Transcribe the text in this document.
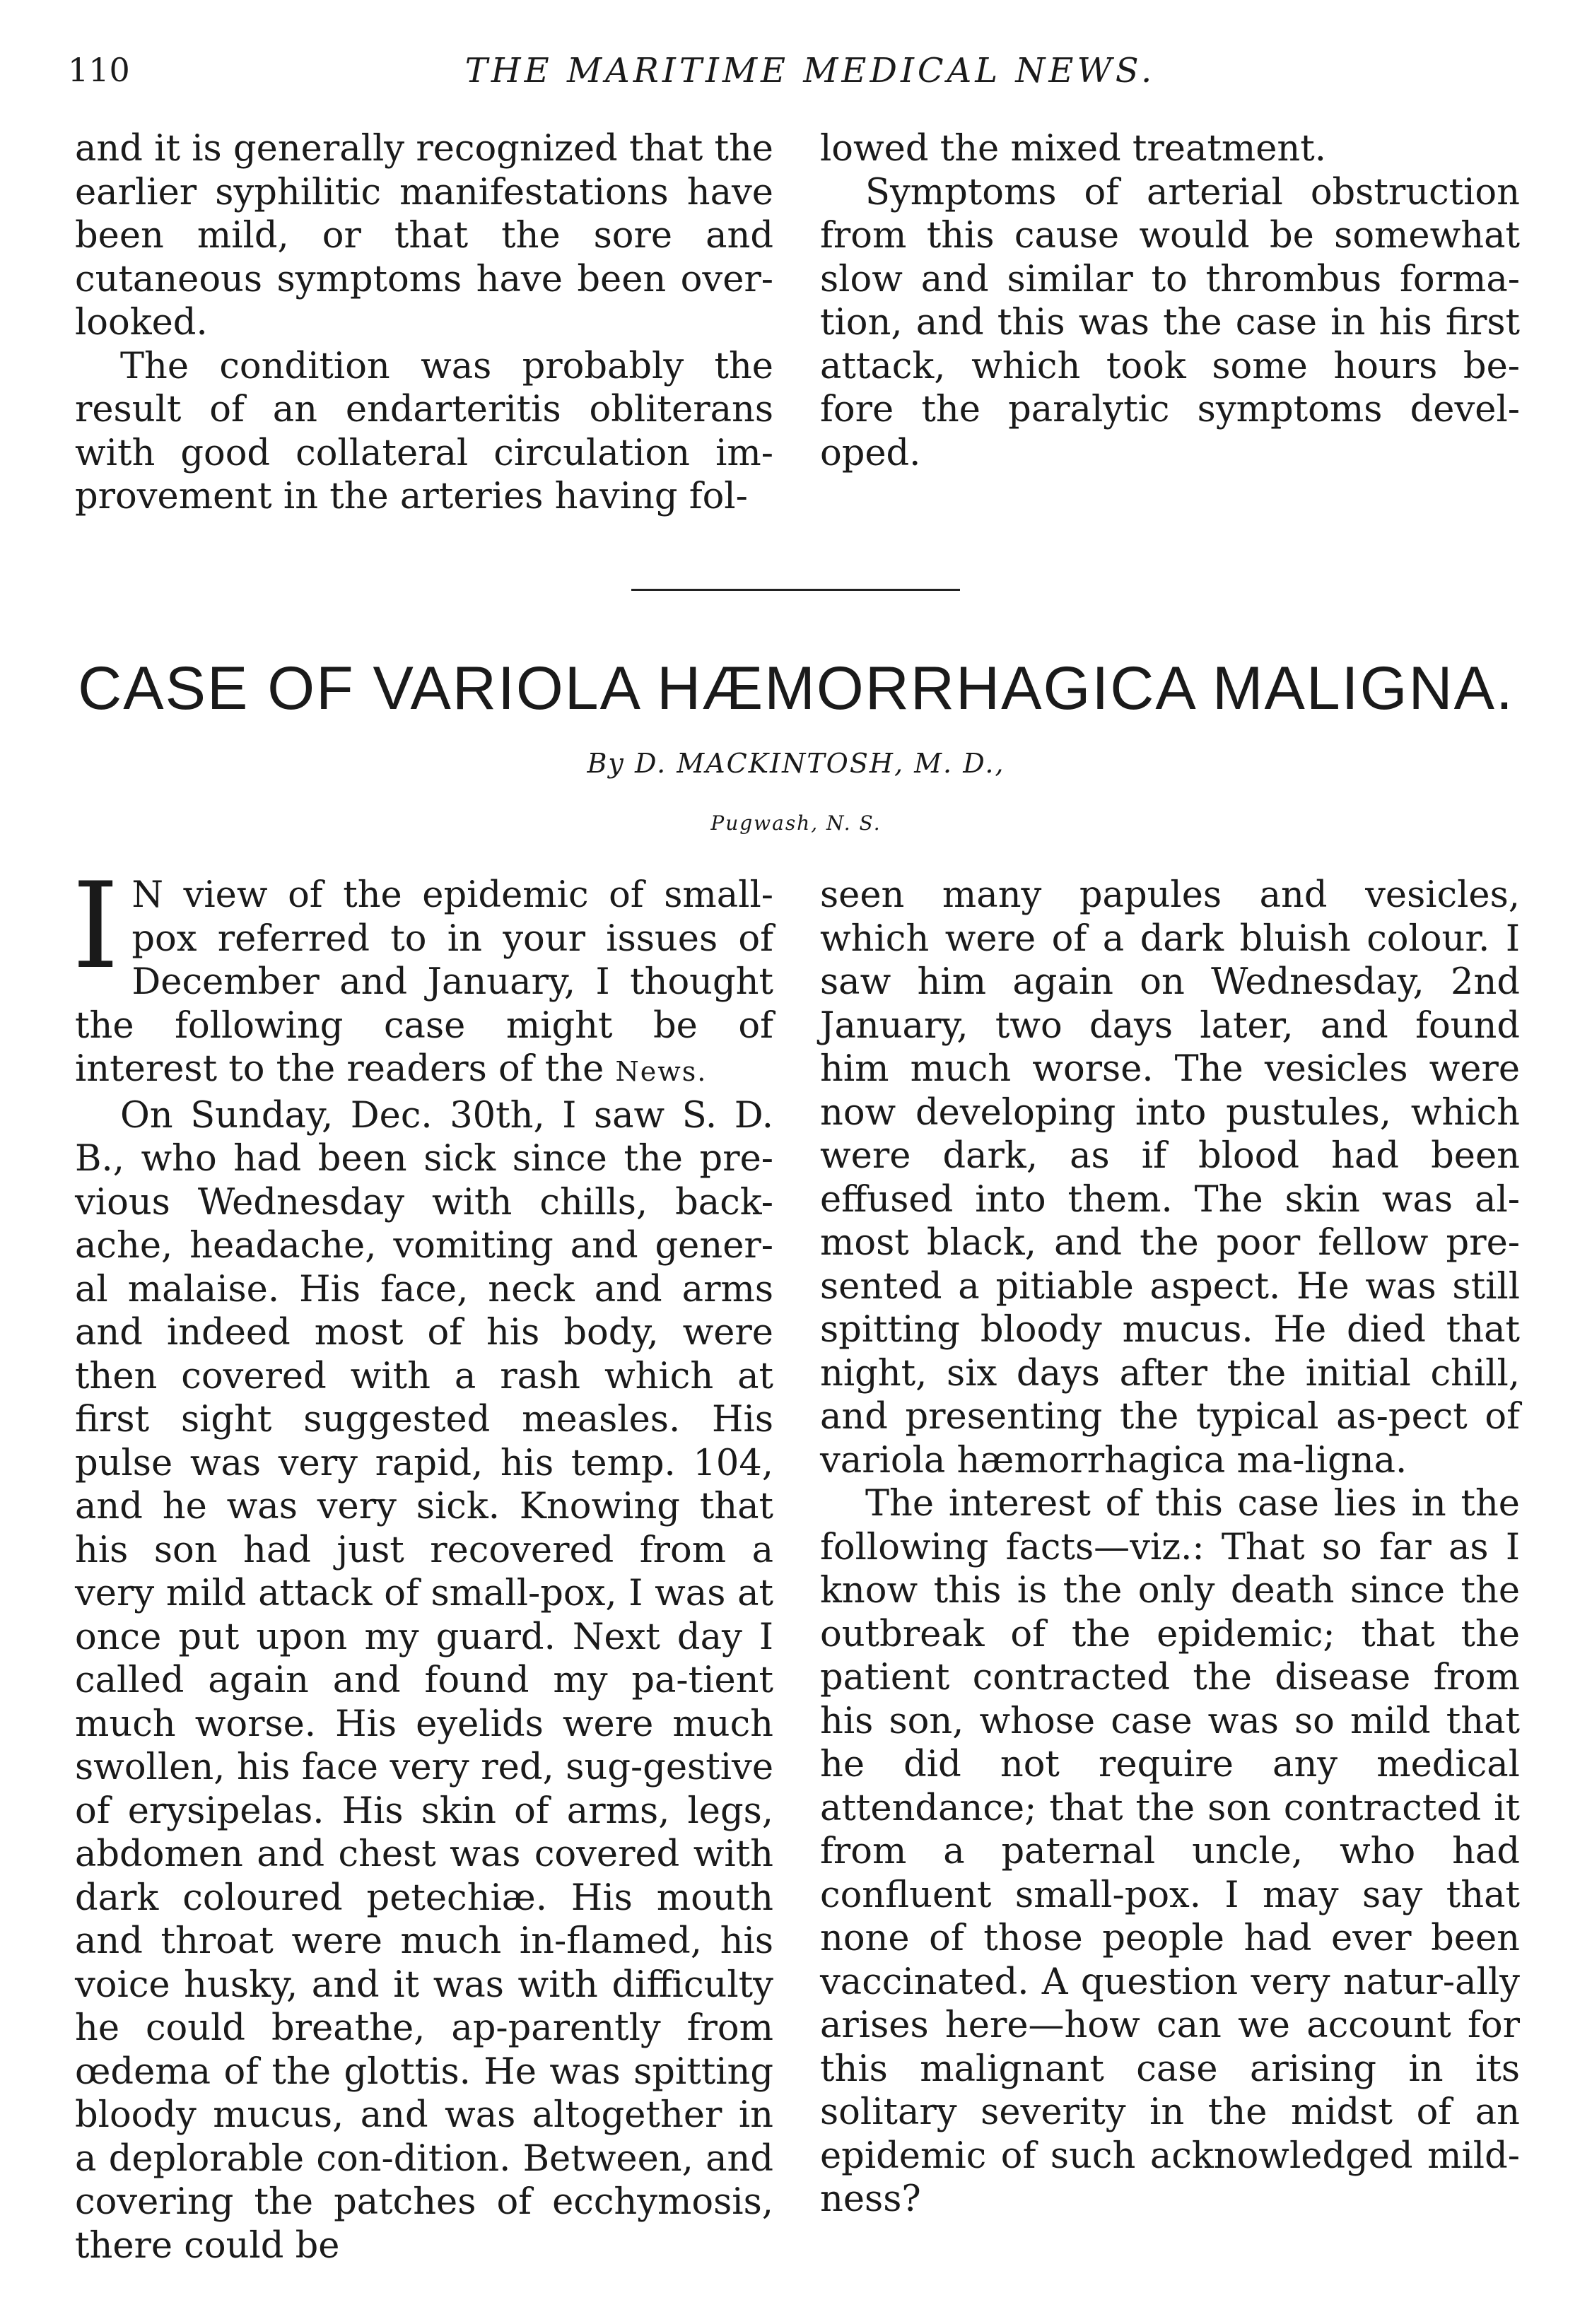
110	THE MARITIME MEDICAL NEWS.

and it is generally recognized that the earlier syphilitic manifestations have been mild, or that the sore and cutaneous symptoms have been over-looked.

The condition was probably the result of an endarteritis obliterans with good collateral circulation im-provement in the arteries having fol-

lowed the mixed treatment.

Symptoms of arterial obstruction from this cause would be somewhat slow and similar to thrombus forma-tion, and this was the case in his first attack, which took some hours be-fore the paralytic symptoms devel-oped.

CASE OF VARIOLA HÆMORRHAGICA MALIGNA.
By D. MACKINTOSH, M. D.,
Pugwash, N. S.

I N view of the epidemic of small-pox referred to in your issues of December and January, I thought the following case might be of interest to the readers of the News.

On Sunday, Dec. 30th, I saw S. D. B., who had been sick since the pre-vious Wednesday with chills, back-ache, headache, vomiting and gener-al malaise. His face, neck and arms and indeed most of his body, were then covered with a rash which at first sight suggested measles. His pulse was very rapid, his temp. 104, and he was very sick. Knowing that his son had just recovered from a very mild attack of small-pox, I was at once put upon my guard. Next day I called again and found my pa-tient much worse. His eyelids were much swollen, his face very red, sug-gestive of erysipelas. His skin of arms, legs, abdomen and chest was covered with dark coloured petechiæ. His mouth and throat were much in-flamed, his voice husky, and it was with difficulty he could breathe, ap-parently from œdema of the glottis. He was spitting bloody mucus, and was altogether in a deplorable con-dition. Between, and covering the patches of ecchymosis, there could be

seen many papules and vesicles, which were of a dark bluish colour. I saw him again on Wednesday, 2nd January, two days later, and found him much worse. The vesicles were now developing into pustules, which were dark, as if blood had been effused into them. The skin was al-most black, and the poor fellow pre-sented a pitiable aspect. He was still spitting bloody mucus. He died that night, six days after the initial chill, and presenting the typical as-pect of variola hæmorrhagica ma-ligna.

The interest of this case lies in the following facts—viz.: That so far as I know this is the only death since the outbreak of the epidemic; that the patient contracted the disease from his son, whose case was so mild that he did not require any medical attendance; that the son contracted it from a paternal uncle, who had confluent small-pox. I may say that none of those people had ever been vaccinated. A question very natur-ally arises here—how can we account for this malignant case arising in its solitary severity in the midst of an epidemic of such acknowledged mild-ness?
